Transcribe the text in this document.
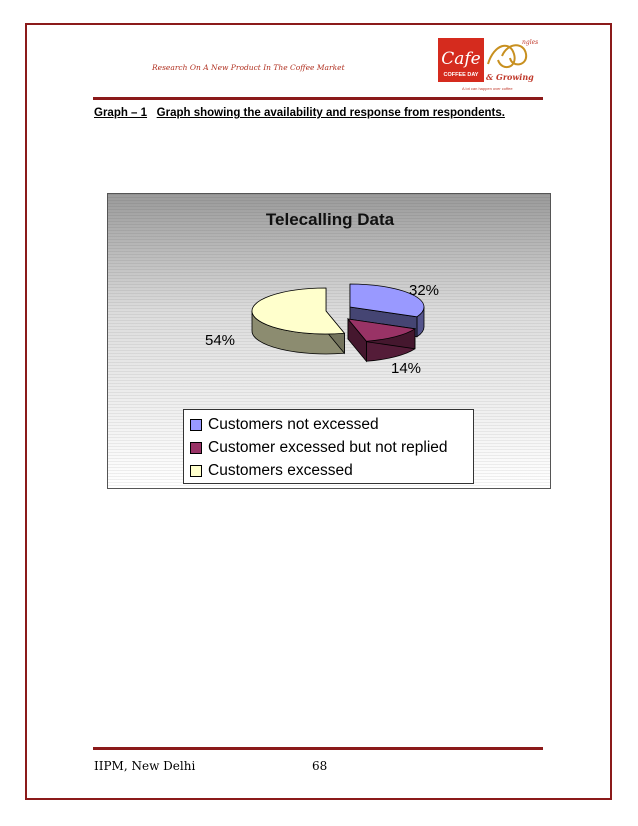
Research On A New Product In The Coffee Market	Cafe
COFFEE DAY
ngles
& Growing
A lot can happen over coffee
Graph – 1 Graph showing the availability and response from respondents.
Telecalling Data
32%
14%
54%
Customers not excessed
Customer excessed but not replied
Customers excessed
IIPM, New Delhi	68
